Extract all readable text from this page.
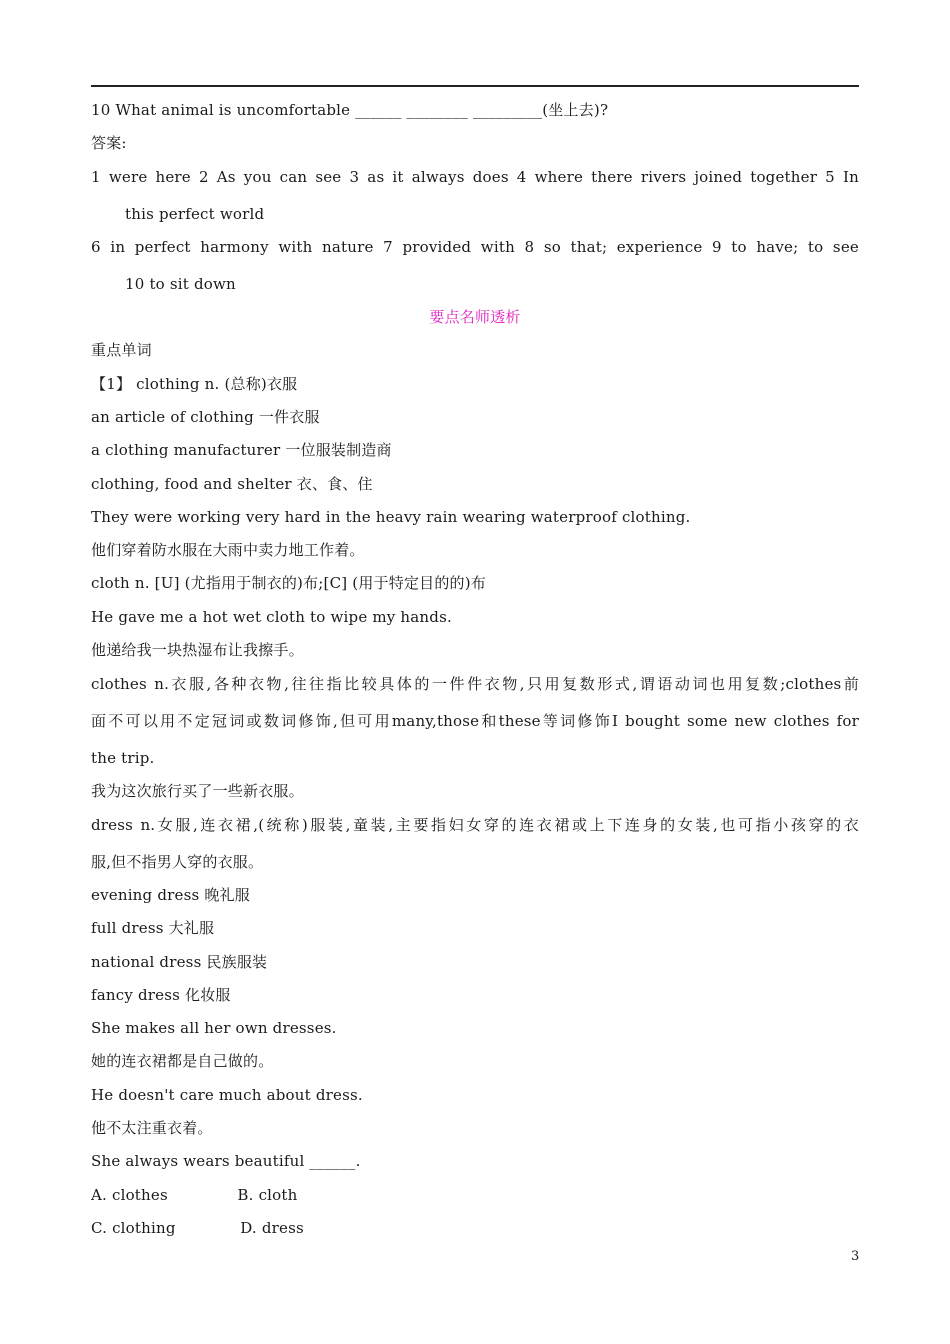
10 What animal is uncomfortable ______ ________ _________(坐上去)?
答案:
1 were here 2 As you can see 3 as it always does 4 where there rivers joined together 5 In
this perfect world
6 in perfect harmony with nature 7 provided with 8 so that; experience 9 to have; to see
10 to sit down
要点名师透析
重点单词
【1】 clothing n. (总称)衣服
an article of clothing 一件衣服
a clothing manufacturer 一位服装制造商
clothing, food and shelter 衣、食、住
They were working very hard in the heavy rain wearing waterproof clothing.
他们穿着防水服在大雨中卖力地工作着。
cloth n. [U] (尤指用于制衣的)布;[C] (用于特定目的的)布
He gave me a hot wet cloth to wipe my hands.
他递给我一块热湿布让我擦手。
clothes n.衣服,各种衣物,往往指比较具体的一件件衣物,只用复数形式,谓语动词也用复数;clothes前
面不可以用不定冠词或数词修饰,但可用many,those和these等词修饰I bought some new clothes for
the trip.
我为这次旅行买了一些新衣服。
dress n.女服,连衣裙,(统称)服装,童装,主要指妇女穿的连衣裙或上下连身的女装,也可指小孩穿的衣
服,但不指男人穿的衣服。
evening dress 晚礼服
full dress 大礼服
national dress 民族服装
fancy dress 化妆服
She makes all her own dresses.
她的连衣裙都是自己做的。
He doesn't care much about dress.
他不太注重衣着。
She always wears beautiful ______.
A. clothes              B. cloth
C. clothing             D. dress
3
